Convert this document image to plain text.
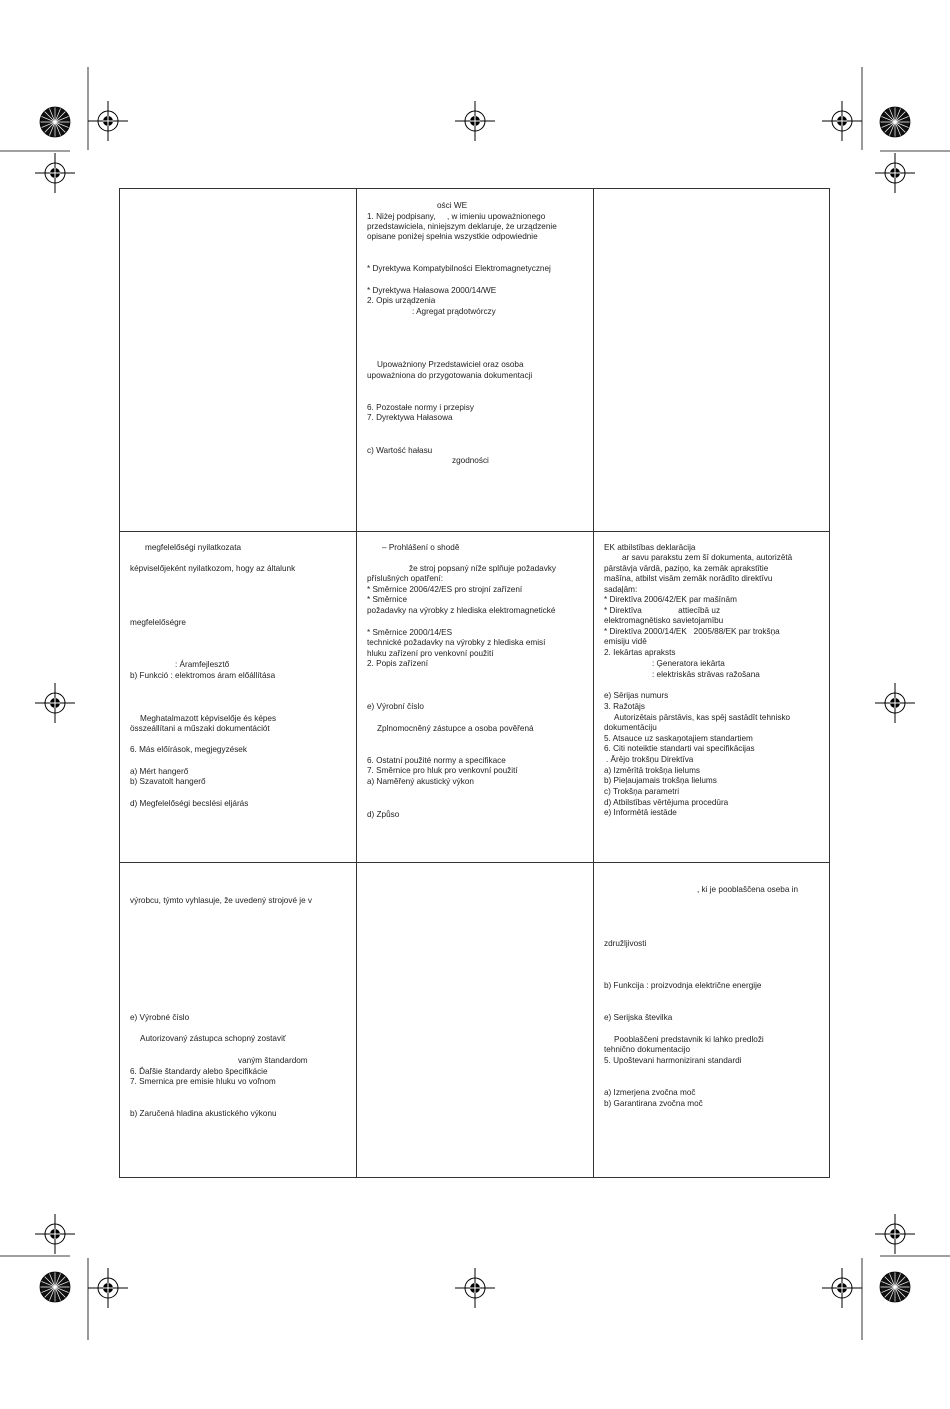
ości WE
1. Niżej podpisany,     , w imieniu upoważnionego
przedstawiciela, niniejszym deklaruje, że urządzenie
opisane poniżej spełnia wszystkie odpowiednie
* Dyrektywa Kompatybilności Elektromagnetycznej
* Dyrektywa Hałasowa 2000/14/WE
2. Opis urządzenia
: Agregat prądotwórczy
Upoważniony Przedstawiciel oraz osoba
upoważniona do przygotowania dokumentacji
6. Pozostałe normy i przepisy
7. Dyrektywa Hałasowa
c) Wartość hałasu
zgodności
megfelelőségi nyilatkozata
képviselőjeként nyilatkozom, hogy az általunk
megfelelőségre
: Áramfejlesztő
b) Funkció : elektromos áram előállítása
Meghatalmazott képviselője és képes
összeállítani a műszaki dokumentációt
6. Más előírások, megjegyzések
a) Mért hangerő
b) Szavatolt hangerő
d) Megfelelőségi becslési eljárás
– Prohlášení o shodě
že stroj popsaný níže splňuje požadavky
příslušných opatření:
* Směrnice 2006/42/ES pro strojní zařízení
* Směrnice
požadavky na výrobky z hlediska elektromagnetické
* Směrnice 2000/14/ES
technické požadavky na výrobky z hlediska emisí
hluku zařízení pro venkovní použití
2. Popis zařízení
e) Výrobní číslo
Zplnomocněný zástupce a osoba pověřená
6. Ostatní použité normy a specifikace
7. Směrnice pro hluk pro venkovní použití
a) Naměřený akustický výkon
d) Způso
EK atbilstības deklarācija
ar savu parakstu zem šī dokumenta, autorizētā
pārstāvja vārdā, paziņo, ka zemāk aprakstītie
mašīna, atbilst visām zemāk norādīto direktīvu
sadaļām:
* Direktīva 2006/42/EK par mašīnām
* Direktīva                attiecībā uz
elektromagnētisko savietojamību
* Direktīva 2000/14/EK   2005/88/EK par trokšņa
emisiju vidē
2. Iekārtas apraksts
: Ģeneratora iekārta
: elektriskās strāvas ražošana
e) Sērijas numurs
3. Ražotājs
Autorizētais pārstāvis, kas spēj sastādīt tehnisko
dokumentāciju
5. Atsauce uz saskaņotajiem standartiem
6. Citi noteiktie standarti vai specifikācijas
. Ārējo trokšņu Direktīva
a) Izmērītā trokšņa lielums
b) Pieļaujamais trokšņa lielums
c) Trokšņa parametri
d) Atbilstības vērtējuma procedūra
e) Informētā iestāde
výrobcu, týmto vyhlasuje, že uvedený strojové je v
e) Výrobné číslo
Autorizovaný zástupca schopný zostaviť
vaným štandardom
6. Ďaľšie štandardy alebo špecifikácie
7. Smernica pre emisie hluku vo voľnom
b) Zaručená hladina akustického výkonu
, ki je pooblaščena oseba in
združljivosti
b) Funkcija : proizvodnja električne energije
e) Serijska številka
Pooblaščeni predstavnik ki lahko predloži
tehnično dokumentacijo
5. Upoštevani harmonizirani standardi
a) Izmerjena zvočna moč
b) Garantirana zvočna moč
